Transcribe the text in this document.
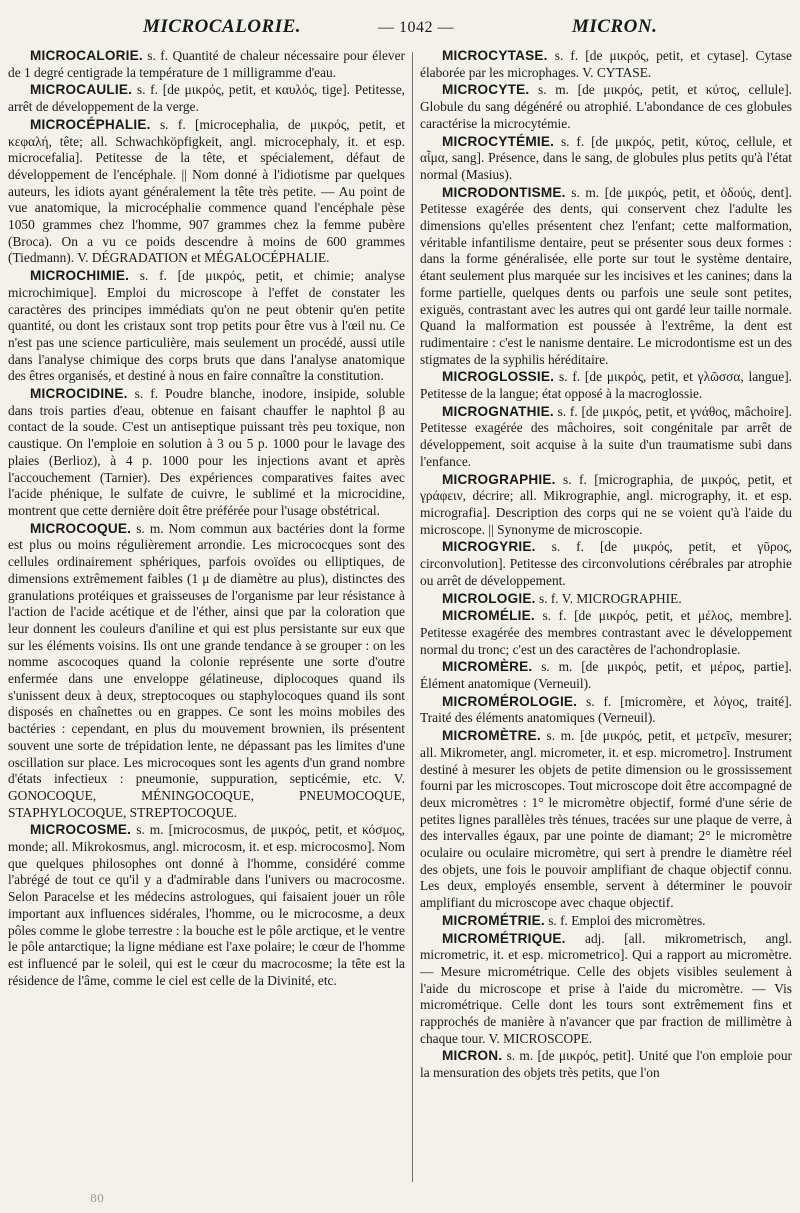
MICROCALORIE.	— 1042 —	MICRON.

MICROCALORIE. s. f. Quantité de chaleur nécessaire pour élever de 1 degré centigrade la température de 1 milligramme d'eau.

MICROCAULIE. s. f. [de μικρός, petit, et καυλός, tige]. Petitesse, arrêt de développement de la verge.

MICROCÉPHALIE. s. f. [microcephalia, de μικρός, petit, et κεφαλή, tête; all. Schwachköpfigkeit, angl. microcephaly, it. et esp. microcefalia]. Petitesse de la tête, et spécialement, défaut de développement de l'encéphale. || Nom donné à l'idiotisme par quelques auteurs, les idiots ayant généralement la tête très petite. — Au point de vue anatomique, la microcéphalie commence quand l'encéphale pèse 1050 grammes chez l'homme, 907 grammes chez la femme pubère (Broca). On a vu ce poids descendre à moins de 600 grammes (Tiedmann). V. DÉGRADATION et MÉGALOCÉPHALIE.

MICROCHIMIE. s. f. [de μικρός, petit, et chimie; analyse microchimique]. Emploi du microscope à l'effet de constater les caractères des principes immédiats qu'on ne peut obtenir qu'en petite quantité, ou dont les cristaux sont trop petits pour être vus à l'œil nu. Ce n'est pas une science particulière, mais seulement un procédé, aussi utile dans l'analyse chimique des corps bruts que dans l'analyse anatomique des êtres organisés, et destiné à nous en faire connaître la constitution.

MICROCIDINE. s. f. Poudre blanche, inodore, insipide, soluble dans trois parties d'eau, obtenue en faisant chauffer le naphtol β au contact de la soude. C'est un antiseptique puissant très peu toxique, non caustique. On l'emploie en solution à 3 ou 5 p. 1000 pour le lavage des plaies (Berlioz), à 4 p. 1000 pour les injections avant et après l'accouchement (Tarnier). Des expériences comparatives faites avec l'acide phénique, le sulfate de cuivre, le sublimé et la microcidine, montrent que cette dernière doit être préférée pour l'usage obstétrical.

MICROCOQUE. s. m. Nom commun aux bactéries dont la forme est plus ou moins régulièrement arrondie. Les micrococques sont des cellules ordinairement sphériques, parfois ovoïdes ou elliptiques, de dimensions extrêmement faibles (1 μ de diamètre au plus), distinctes des granulations protéiques et graisseuses de l'organisme par leur résistance à l'action de l'acide acétique et de l'éther, ainsi que par la coloration que leur donnent les couleurs d'aniline et qui est plus persistante sur eux que sur les éléments voisins. Ils ont une grande tendance à se grouper : on les nomme ascocoques quand la colonie représente une sorte d'outre enfermée dans une enveloppe gélatineuse, diplocoques quand ils s'unissent deux à deux, streptocoques ou staphylocoques quand ils sont disposés en chaînettes ou en grappes. Ce sont les moins mobiles des bactéries : cependant, en plus du mouvement brownien, ils présentent souvent une sorte de trépidation lente, ne dépassant pas les limites d'une oscillation sur place. Les microcoques sont les agents d'un grand nombre d'états infectieux : pneumonie, suppuration, septicémie, etc. V. GONOCOQUE, MÉNINGOCOQUE, PNEUMOCOQUE, STAPHYLOCOQUE, STREPTOCOQUE.

MICROCOSME. s. m. [microcosmus, de μικρός, petit, et κόσμος, monde; all. Mikrokosmus, angl. microcosm, it. et esp. microcosmo]. Nom que quelques philosophes ont donné à l'homme, considéré comme l'abrégé de tout ce qu'il y a d'admirable dans l'univers ou macrocosme. Selon Paracelse et les médecins astrologues, qui faisaient jouer un rôle important aux influences sidérales, l'homme, ou le microcosme, a deux pôles comme le globe terrestre : la bouche est le pôle arctique, et le ventre le pôle antarctique; la ligne médiane est l'axe polaire; le cœur de l'homme est influencé par le soleil, qui est le cœur du macrocosme; la tête est la résidence de l'âme, comme le ciel est celle de la Divinité, etc.

MICROCYTASE. s. f. [de μικρός, petit, et cytase]. Cytase élaborée par les microphages. V. CYTASE.

MICROCYTE. s. m. [de μικρός, petit, et κύτος, cellule]. Globule du sang dégénéré ou atrophié. L'abondance de ces globules caractérise la microcytémie.

MICROCYTÉMIE. s. f. [de μικρός, petit, κύτος, cellule, et αἷμα, sang]. Présence, dans le sang, de globules plus petits qu'à l'état normal (Masius).

MICRODONTISME. s. m. [de μικρός, petit, et ὀδούς, dent]. Petitesse exagérée des dents, qui conservent chez l'adulte les dimensions qu'elles présentent chez l'enfant; cette malformation, véritable infantilisme dentaire, peut se présenter sous deux formes : dans la forme généralisée, elle porte sur tout le système dentaire, étant seulement plus marquée sur les incisives et les canines; dans la forme partielle, quelques dents ou parfois une seule sont petites, exiguës, contrastant avec les autres qui ont gardé leur taille normale. Quand la malformation est poussée à l'extrême, la dent est rudimentaire : c'est le nanisme dentaire. Le microdontisme est un des stigmates de la syphilis héréditaire.

MICROGLOSSIE. s. f. [de μικρός, petit, et γλῶσσα, langue]. Petitesse de la langue; état opposé à la macroglossie.

MICROGNATHIE. s. f. [de μικρός, petit, et γνάθος, mâchoire]. Petitesse exagérée des mâchoires, soit congénitale par arrêt de développement, soit acquise à la suite d'un traumatisme subi dans l'enfance.

MICROGRAPHIE. s. f. [micrographia, de μικρός, petit, et γράφειν, décrire; all. Mikrographie, angl. micrography, it. et esp. micrografia]. Description des corps qui ne se voient qu'à l'aide du microscope. || Synonyme de microscopie.

MICROGYRIE. s. f. [de μικρός, petit, et γῦρος, circonvolution]. Petitesse des circonvolutions cérébrales par atrophie ou arrêt de développement.

MICROLOGIE. s. f. V. MICROGRAPHIE.

MICROMÉLIE. s. f. [de μικρός, petit, et μέλος, membre]. Petitesse exagérée des membres contrastant avec le développement normal du tronc; c'est un des caractères de l'achondroplasie.

MICROMÈRE. s. m. [de μικρός, petit, et μέρος, partie]. Élément anatomique (Verneuil).

MICROMÉROLOGIE. s. f. [micromère, et λόγος, traité]. Traité des éléments anatomiques (Verneuil).

MICROMÈTRE. s. m. [de μικρός, petit, et μετρεῖν, mesurer; all. Mikrometer, angl. micrometer, it. et esp. micrometro]. Instrument destiné à mesurer les objets de petite dimension ou le grossissement fourni par les microscopes. Tout microscope doit être accompagné de deux micromètres : 1° le micromètre objectif, formé d'une série de petites lignes parallèles très ténues, tracées sur une plaque de verre, à des intervalles égaux, par une pointe de diamant; 2° le micromètre oculaire ou oculaire micromètre, qui sert à prendre le diamètre réel des objets, une fois le pouvoir amplifiant de chaque objectif connu. Les deux, employés ensemble, servent à déterminer le pouvoir amplifiant du microscope avec chaque objectif.

MICROMÉTRIE. s. f. Emploi des micromètres.

MICROMÉTRIQUE. adj. [all. mikrometrisch, angl. micrometric, it. et esp. micrometrico]. Qui a rapport au micromètre. — Mesure micrométrique. Celle des objets visibles seulement à l'aide du microscope et prise à l'aide du micromètre. — Vis micrométrique. Celle dont les tours sont extrêmement fins et rapprochés de manière à n'avancer que par fraction de millimètre à chaque tour. V. MICROSCOPE.

MICRON. s. m. [de μικρός, petit]. Unité que l'on emploie pour la mensuration des objets très petits, que l'on

80
